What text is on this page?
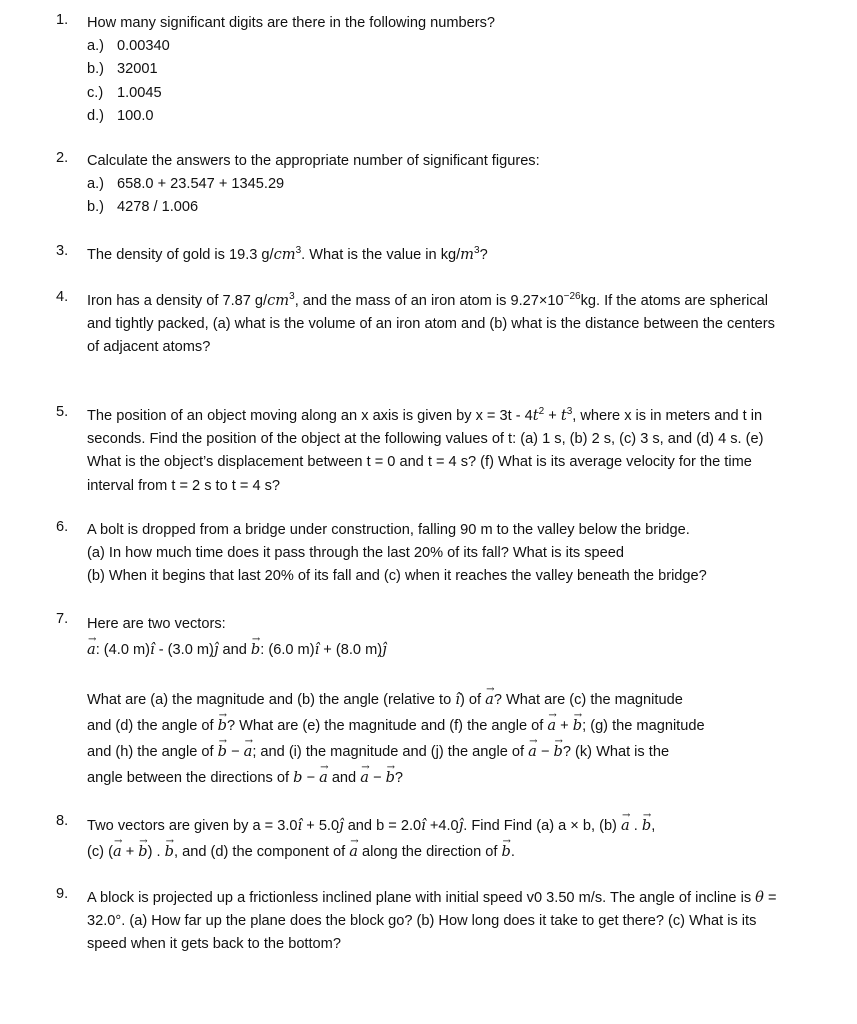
1.	How many significant digits are there in the following numbers?
a.) 0.00340
b.) 32001
c.) 1.0045
d.) 100.0
2.	Calculate the answers to the appropriate number of significant figures:
a.) 658.0 + 23.547 + 1345.29
b.) 4278 / 1.006
3.	The density of gold is 19.3 $g/cm^3$. What is the value in $kg/m^3$?
4.	Iron has a density of 7.87 $g/cm^3$, and the mass of an iron atom is $9.27\times 10^{-26}kg$. If the atoms are spherical and tightly packed, (a) what is the volume of an iron atom and (b) what is the distance between the centers of adjacent atoms?
5.	The position of an object moving along an x axis is given by $x = 3t - 4t^2 + t^3$, where x is in meters and t in seconds. Find the position of the object at the following values of t: (a) 1 s, (b) 2 s, (c) 3 s, and (d) 4 s. (e) What is the object’s displacement between t = 0 and t = 4 s? (f) What is its average velocity for the time interval from t = 2 s to t = 4 s?
6.	A bolt is dropped from a bridge under construction, falling 90 m to the valley below the bridge.
(a) In how much time does it pass through the last 20% of its fall? What is its speed
(b) When it begins that last 20% of its fall and (c) when it reaches the valley beneath the bridge?
7.	Here are two vectors:
→ a: (4.0 m)î - (3.0 m)ĵ and → b: (6.0 m)î + (8.0 m)ĵ
What are (a) the magnitude and (b) the angle (relative to î) of → a? What are (c) the magnitude
and (d) the angle of → b? What are (e) the magnitude and (f) the angle of → a + → b; (g) the magnitude
and (h) the angle of → b − → a; and (i) the magnitude and (j) the angle of → a − → b? (k) What is the
angle between the directions of b − → a and → a − → b?
8.	Two vectors are given by a = 3.0î + 5.0ĵ and b = 2.0î +4.0ĵ. Find Find (a) a × b, (b) → a . → b,
(c) (→ a + → b) . → b, and (d) the component of → a along the direction of → b.
9.	A block is projected up a frictionless inclined plane with initial speed v0 3.50 m/s. The angle of incline is θ = 32.0°. (a) How far up the plane does the block go? (b) How long does it take to get there? (c) What is its speed when it gets back to the bottom?
